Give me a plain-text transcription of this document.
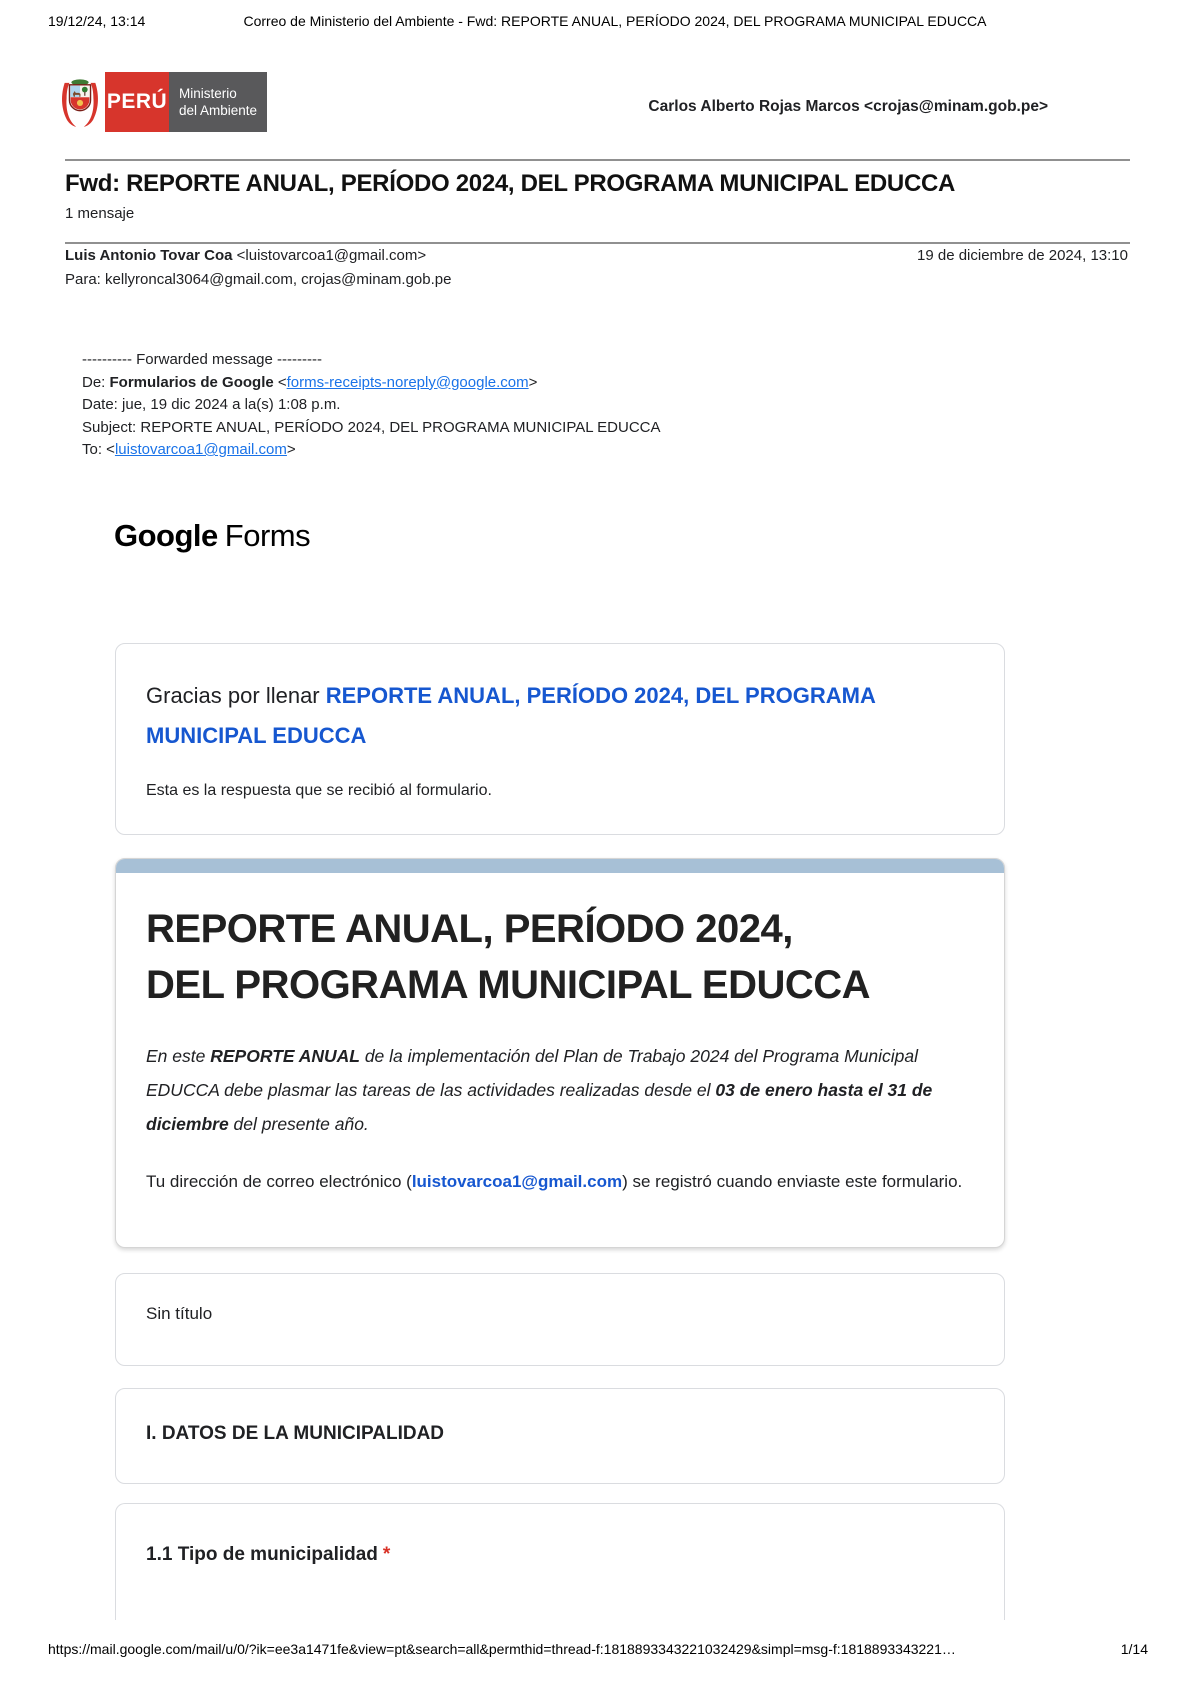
19/12/24, 13:14	Correo de Ministerio del Ambiente - Fwd: REPORTE ANUAL, PERÍODO 2024, DEL PROGRAMA MUNICIPAL EDUCCA
PERÚ Ministerio
del Ambiente	Carlos Alberto Rojas Marcos <crojas@minam.gob.pe>
Fwd: REPORTE ANUAL, PERÍODO 2024, DEL PROGRAMA MUNICIPAL EDUCCA
1 mensaje
Luis Antonio Tovar Coa <luistovarcoa1@gmail.com>	19 de diciembre de 2024, 13:10
Para: kellyroncal3064@gmail.com, crojas@minam.gob.pe
---------- Forwarded message ---------
De: Formularios de Google <forms-receipts-noreply@google.com>
Date: jue, 19 dic 2024 a la(s) 1:08 p.m.
Subject: REPORTE ANUAL, PERÍODO 2024, DEL PROGRAMA MUNICIPAL EDUCCA
To: <luistovarcoa1@gmail.com>
Google Forms
Gracias por llenar REPORTE ANUAL, PERÍODO 2024, DEL PROGRAMA MUNICIPAL EDUCCA
Esta es la respuesta que se recibió al formulario.
REPORTE ANUAL, PERÍODO 2024,
DEL PROGRAMA MUNICIPAL EDUCCA
En este REPORTE ANUAL de la implementación del Plan de Trabajo 2024 del Programa Municipal EDUCCA debe plasmar las tareas de las actividades realizadas desde el 03 de enero hasta el 31 de diciembre del presente año.
Tu dirección de correo electrónico (luistovarcoa1@gmail.com) se registró cuando enviaste este formulario.
Sin título
I. DATOS DE LA MUNICIPALIDAD
1.1 Tipo de municipalidad *
https://mail.google.com/mail/u/0/?ik=ee3a1471fe&view=pt&search=all&permthid=thread-f:1818893343221032429&simpl=msg-f:1818893343221…	1/14
